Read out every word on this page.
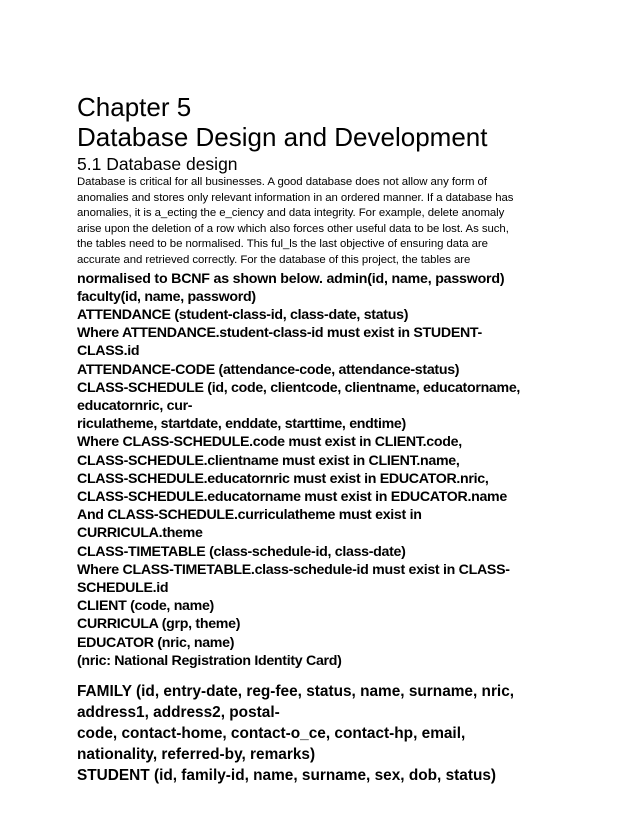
Chapter 5
Database Design and Development
5.1 Database design
Database is critical for all businesses. A good database does not allow any form of
anomalies and stores only relevant information in an ordered manner. If a database has
anomalies, it is a_ecting the e_ciency and data integrity. For example, delete anomaly
arise upon the deletion of a row which also forces other useful data to be lost. As such,
the tables need to be normalised. This ful_ls the last objective of ensuring data are
accurate and retrieved correctly. For the database of this project, the tables are
normalised to BCNF as shown below. admin(id, name, password)
faculty(id, name, password)
ATTENDANCE (student-class-id, class-date, status)
Where ATTENDANCE.student-class-id must exist in STUDENT-
CLASS.id
ATTENDANCE-CODE (attendance-code, attendance-status)
CLASS-SCHEDULE (id, code, clientcode, clientname, educatorname,
educatornric, cur-
riculatheme, startdate, enddate, starttime, endtime)
Where CLASS-SCHEDULE.code must exist in CLIENT.code,
CLASS-SCHEDULE.clientname must exist in CLIENT.name,
CLASS-SCHEDULE.educatornric must exist in EDUCATOR.nric,
CLASS-SCHEDULE.educatorname must exist in EDUCATOR.name
And CLASS-SCHEDULE.curriculatheme must exist in
CURRICULA.theme
CLASS-TIMETABLE (class-schedule-id, class-date)
Where CLASS-TIMETABLE.class-schedule-id must exist in CLASS-
SCHEDULE.id
CLIENT (code, name)
CURRICULA (grp, theme)
EDUCATOR (nric, name)
(nric: National Registration Identity Card)
FAMILY (id, entry-date, reg-fee, status, name, surname, nric,
address1, address2, postal-
code, contact-home, contact-o_ce, contact-hp, email,
nationality, referred-by, remarks)
STUDENT (id, family-id, name, surname, sex, dob, status)
